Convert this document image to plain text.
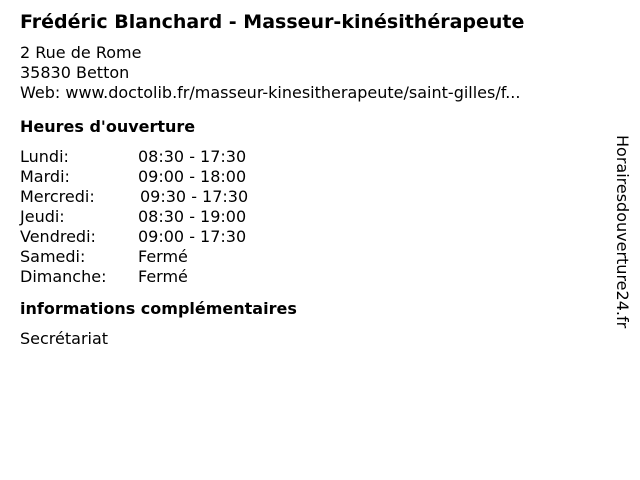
Frédéric Blanchard - Masseur-kinésithérapeute
2 Rue de Rome
35830 Betton
Web: www.doctolib.fr/masseur-kinesitherapeute/saint-gilles/f...
Heures d'ouverture
Lundi:	08:30 - 17:30
Mardi:	09:00 - 18:00
Mercredi:	09:30 - 17:30
Jeudi:	08:30 - 19:00
Vendredi:	09:00 - 17:30
Samedi:	Fermé
Dimanche: Fermé
informations complémentaires
Secrétariat
Horairesdouverture24.fr
